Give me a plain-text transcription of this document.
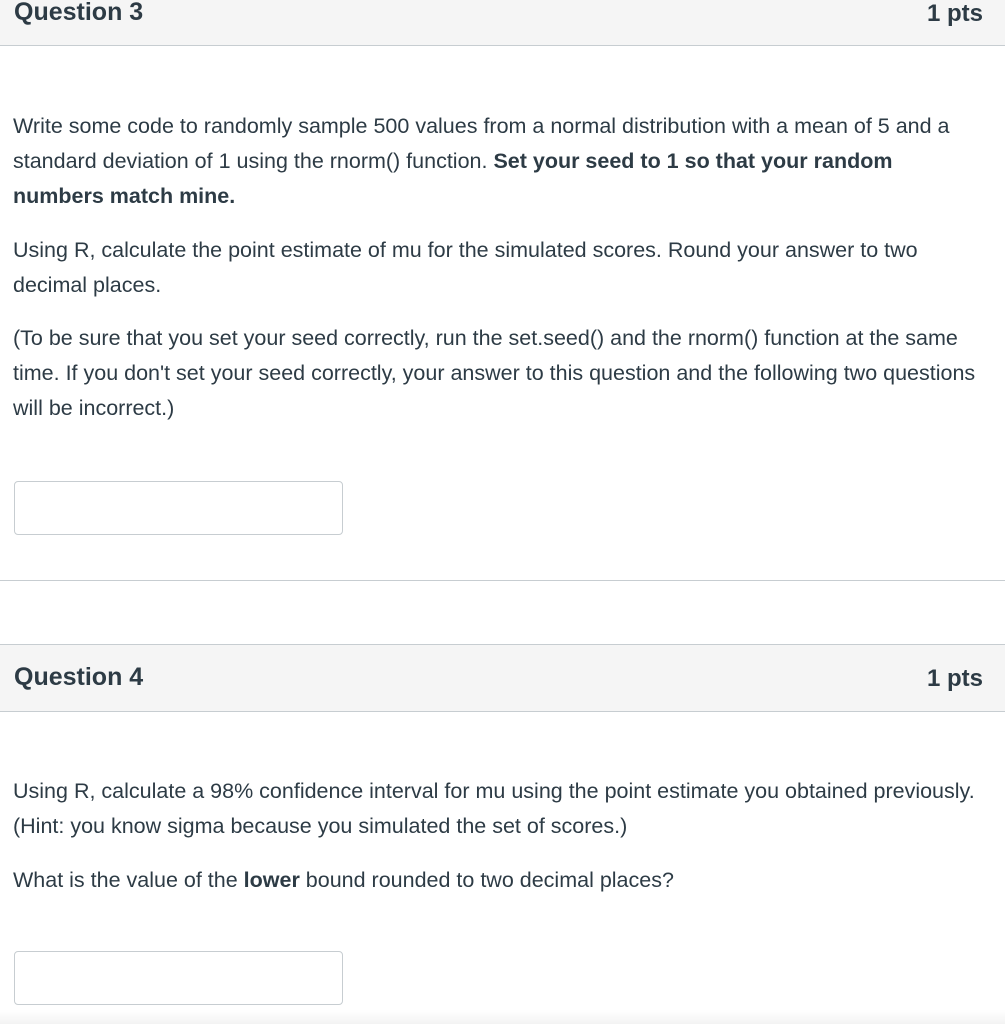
Question 3	1 pts

Write some code to randomly sample 500 values from a normal distribution with a mean of 5 and a standard deviation of 1 using the rnorm() function. Set your seed to 1 so that your random numbers match mine.

Using R, calculate the point estimate of mu for the simulated scores. Round your answer to two decimal places.

(To be sure that you set your seed correctly, run the set.seed() and the rnorm() function at the same time. If you don't set your seed correctly, your answer to this question and the following two questions will be incorrect.)

Question 4	1 pts

Using R, calculate a 98% confidence interval for mu using the point estimate you obtained previously. (Hint: you know sigma because you simulated the set of scores.)

What is the value of the lower bound rounded to two decimal places?
